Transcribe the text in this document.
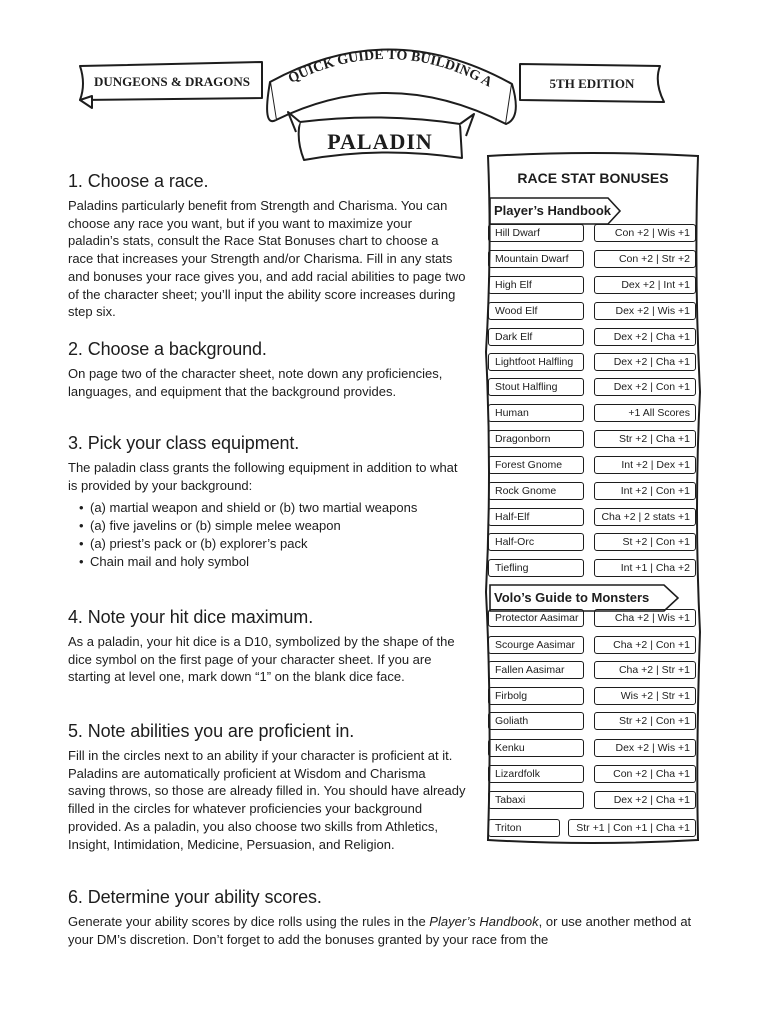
DUNGEONS & DRAGONS	5TH EDITION
QUICK GUIDE TO BUILDING A
PALADIN
1. Choose a race.

Paladins particularly benefit from Strength and Charisma. You can choose any race you want, but if you want to maximize your paladin’s stats, consult the Race Stat Bonuses chart to choose a race that increases your Strength and/or Charisma. Fill in any stats and bonuses your race gives you, and add racial abilities to page two of the character sheet; you’ll input the ability score increases during step six.

2. Choose a background.

On page two of the character sheet, note down any proficiencies, languages, and equipment that the background provides.

3. Pick your class equipment.

The paladin class grants the following equipment in addition to what is provided by your background:

• (a) martial weapon and shield or (b) two martial weapons
• (a) five javelins or (b) simple melee weapon
• (a) priest’s pack or (b) explorer’s pack
• Chain mail and holy symbol
4. Note your hit dice maximum.

As a paladin, your hit dice is a D10, symbolized by the shape of the dice symbol on the first page of your character sheet. If you are starting at level one, mark down “1” on the blank dice face.

5. Note abilities you are proficient in.

Fill in the circles next to an ability if your character is proficient at it. Paladins are automatically proficient at Wisdom and Charisma saving throws, so those are already filled in. You should have already filled in the circles for whatever proficiencies your background provided. As a paladin, you also choose two skills from Athletics, Insight, Intimidation, Medicine, Persuasion, and Religion.

6. Determine your ability scores.

Generate your ability scores by dice rolls using the rules in the Player’s Handbook, or use another method at your DM’s discretion. Don’t forget to add the bonuses granted by your race from the

RACE STAT BONUSES
Player’s Handbook
Volo’s Guide to Monsters
Hill Dwarf	Con +2 | Wis +1
Mountain Dwarf	Con +2 | Str +2
High Elf	Dex +2 | Int +1
Wood Elf	Dex +2 | Wis +1
Dark Elf	Dex +2 | Cha +1
Lightfoot Halfling	Dex +2 | Cha +1
Stout Halfling	Dex +2 | Con +1
Human	+1 All Scores
Dragonborn	Str +2 | Cha +1
Forest Gnome	Int +2 | Dex +1
Rock Gnome	Int +2 | Con +1
Half-Elf	Cha +2 | 2 stats +1
Half-Orc	St +2 | Con +1
Tiefling	Int +1 | Cha +2
Protector Aasimar	Cha +2 | Wis +1
Scourge Aasimar	Cha +2 | Con +1
Fallen Aasimar	Cha +2 | Str +1
Firbolg	Wis +2 | Str +1
Goliath	Str +2 | Con +1
Kenku	Dex +2 | Wis +1
Lizardfolk	Con +2 | Cha +1
Tabaxi	Dex +2 | Cha +1
Triton	Str +1 | Con +1 | Cha +1
